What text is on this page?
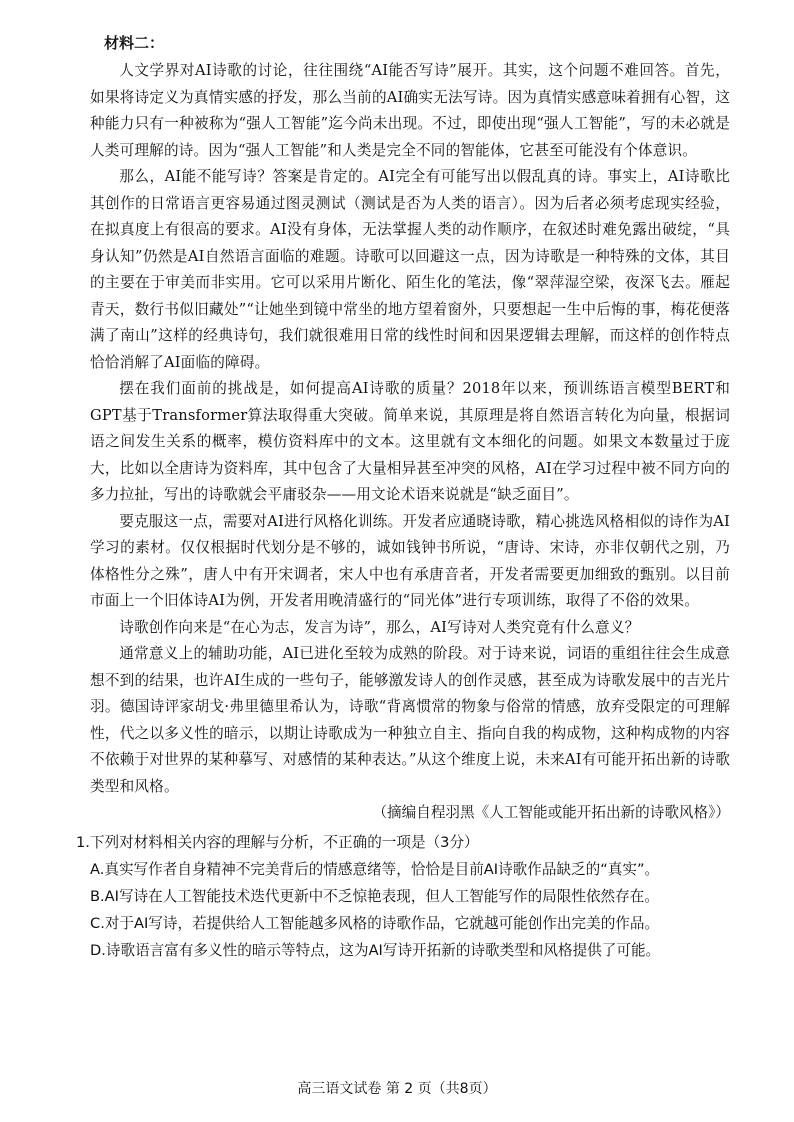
材料二：

人文学界对AI诗歌的讨论，往往围绕“AI能否写诗”展开。其实，这个问题不难回答。首先，如果将诗定义为真情实感的抒发，那么当前的AI确实无法写诗。因为真情实感意味着拥有心智，这种能力只有一种被称为“强人工智能”迄今尚未出现。不过，即使出现“强人工智能”，写的未必就是人类可理解的诗。因为“强人工智能”和人类是完全不同的智能体，它甚至可能没有个体意识。

那么，AI能不能写诗？答案是肯定的。AI完全有可能写出以假乱真的诗。事实上，AI诗歌比其创作的日常语言更容易通过图灵测试（测试是否为人类的语言）。因为后者必须考虑现实经验，在拟真度上有很高的要求。AI没有身体，无法掌握人类的动作顺序，在叙述时难免露出破绽，“具身认知”仍然是AI自然语言面临的难题。诗歌可以回避这一点，因为诗歌是一种特殊的文体，其目的主要在于审美而非实用。它可以采用片断化、陌生化的笔法，像“翠萍湿空梁，夜深飞去。雁起青天，数行书似旧藏处”“让她坐到镜中常坐的地方望着窗外，只要想起一生中后悔的事，梅花便落满了南山”这样的经典诗句，我们就很难用日常的线性时间和因果逻辑去理解，而这样的创作特点恰恰消解了AI面临的障碍。

摆在我们面前的挑战是，如何提高AI诗歌的质量？2018年以来，预训练语言模型BERT和GPT基于Transformer算法取得重大突破。简单来说，其原理是将自然语言转化为向量，根据词语之间发生关系的概率，模仿资料库中的文本。这里就有文本细化的问题。如果文本数量过于庞大，比如以全唐诗为资料库，其中包含了大量相异甚至冲突的风格，AI在学习过程中被不同方向的多力拉扯，写出的诗歌就会平庸驳杂——用文论术语来说就是“缺乏面目”。

要克服这一点，需要对AI进行风格化训练。开发者应通晓诗歌，精心挑选风格相似的诗作为AI学习的素材。仅仅根据时代划分是不够的，诚如钱钟书所说，“唐诗、宋诗，亦非仅朝代之别，乃体格性分之殊”，唐人中有开宋调者，宋人中也有承唐音者，开发者需要更加细致的甄别。以目前市面上一个旧体诗AI为例，开发者用晚清盛行的“同光体”进行专项训练，取得了不俗的效果。

诗歌创作向来是“在心为志，发言为诗”，那么，AI写诗对人类究竟有什么意义？

通常意义上的辅助功能，AI已进化至较为成熟的阶段。对于诗来说，词语的重组往往会生成意想不到的结果，也许AI生成的一些句子，能够激发诗人的创作灵感，甚至成为诗歌发展中的吉光片羽。德国诗评家胡戈·弗里德里希认为，诗歌“背离惯常的物象与俗常的情感，放弃受限定的可理解性，代之以多义性的暗示，以期让诗歌成为一种独立自主、指向自我的构成物，这种构成物的内容不依赖于对世界的某种摹写、对感情的某种表达。”从这个维度上说，未来AI有可能开拓出新的诗歌类型和风格。

（摘编自程羽黑《人工智能或能开拓出新的诗歌风格》）

1.下列对材料相关内容的理解与分析，不正确的一项是（3分）
A.真实写作者自身精神不完美背后的情感意绪等，恰恰是目前AI诗歌作品缺乏的“真实”。
B.AI写诗在人工智能技术迭代更新中不乏惊艳表现，但人工智能写作的局限性依然存在。
C.对于AI写诗，若提供给人工智能越多风格的诗歌作品，它就越可能创作出完美的作品。
D.诗歌语言富有多义性的暗示等特点，这为AI写诗开拓新的诗歌类型和风格提供了可能。
高三语文试卷 第 2 页（共8页）
